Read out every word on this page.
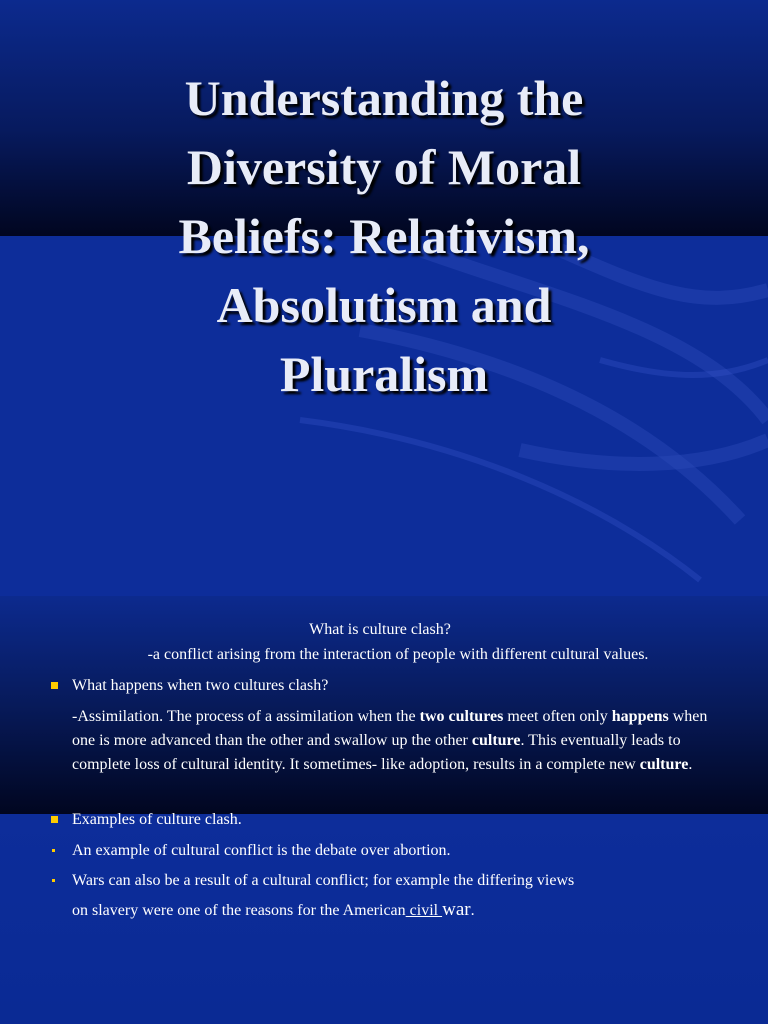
Understanding the
Diversity of Moral
Beliefs: Relativism,
Absolutism and
Pluralism

What is culture clash?

-a conflict arising from the interaction of people with different cultural values.

What happens when two cultures clash?

-Assimilation. The process of a assimilation when the two cultures meet often only happens when one is more advanced than the other and swallow up the other culture. This eventually leads to complete loss of cultural identity. It sometimes- like adoption, results in a complete new culture.

Examples of culture clash.

An example of cultural conflict is the debate over abortion.

Wars can also be a result of a cultural conflict; for example the differing views

on slavery were one of the reasons for the American civil war.
